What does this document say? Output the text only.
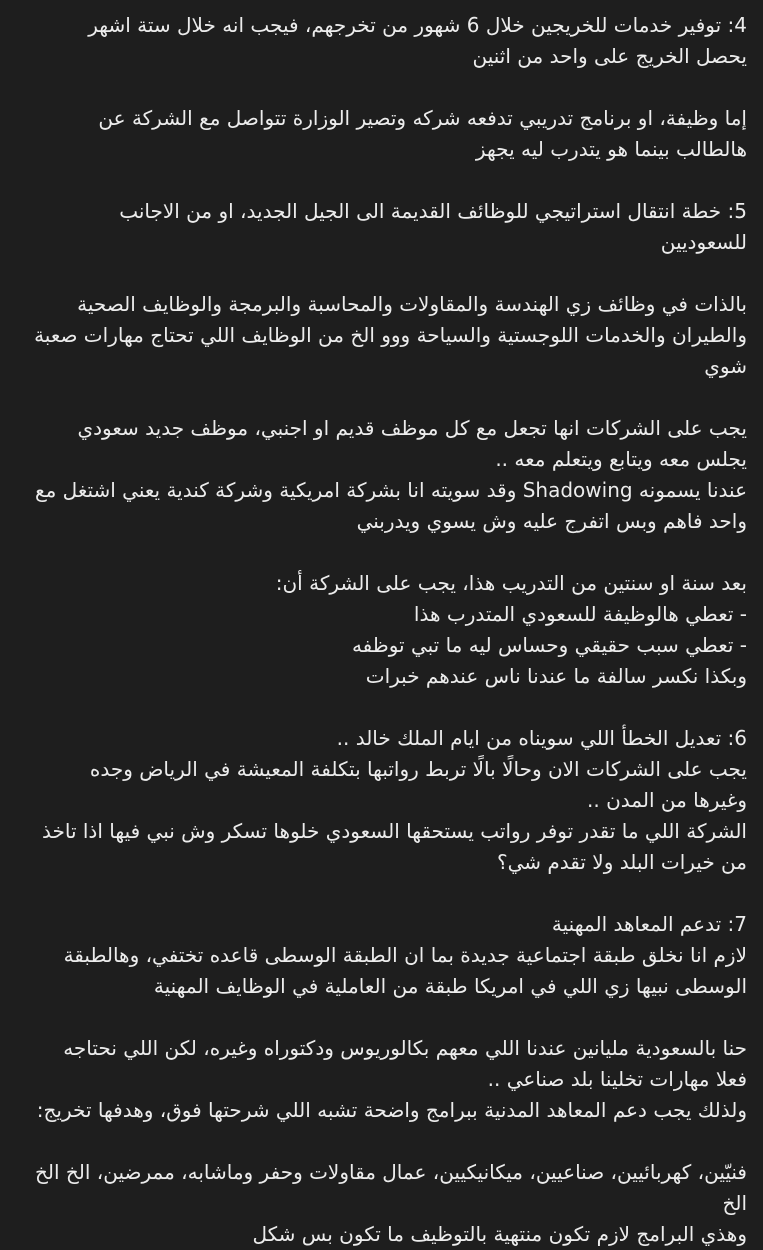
4: توفير خدمات للخريجين خلال 6 شهور من تخرجهم، فيجب انه خلال ستة اشهر يحصل الخريج على واحد من اثنين
إما وظيفة، او برنامج تدريبي تدفعه شركه وتصير الوزارة تتواصل مع الشركة عن هالطالب بينما هو يتدرب ليه يجهز
5: خطة انتقال استراتيجي للوظائف القديمة الى الجيل الجديد، او من الاجانب للسعوديين
بالذات في وظائف زي الهندسة والمقاولات والمحاسبة والبرمجة والوظايف الصحية والطيران والخدمات اللوجستية والسياحة ووو الخ من الوظايف اللي تحتاج مهارات صعبة شوي
يجب على الشركات انها تجعل مع كل موظف قديم او اجنبي، موظف جديد سعودي يجلس معه ويتابع ويتعلم معه ..
عندنا يسمونه Shadowing وقد سويته انا بشركة امريكية وشركة كندية يعني اشتغل مع واحد فاهم وبس اتفرج عليه وش يسوي ويدربني
بعد سنة او سنتين من التدريب هذا، يجب على الشركة أن:
- تعطي هالوظيفة للسعودي المتدرب هذا
- تعطي سبب حقيقي وحساس ليه ما تبي توظفه
وبكذا نكسر سالفة ما عندنا ناس عندهم خبرات
6: تعديل الخطأ اللي سويناه من ايام الملك خالد ..
يجب على الشركات الان وحالًا بالًا تربط رواتبها بتكلفة المعيشة في الرياض وجده وغيرها من المدن ..
الشركة اللي ما تقدر توفر رواتب يستحقها السعودي خلوها تسكر وش نبي فيها اذا تاخذ من خيرات البلد ولا تقدم شي؟
7: تدعم المعاهد المهنية
لازم انا نخلق طبقة اجتماعية جديدة بما ان الطبقة الوسطى قاعده تختفي، وهالطبقة الوسطى نبيها زي اللي في امريكا طبقة من العاملية في الوظايف المهنية
حنا بالسعودية مليانين عندنا اللي معهم بكالوريوس ودكتوراه وغيره، لكن اللي نحتاجه فعلا مهارات تخلينا بلد صناعي ..
ولذلك يجب دعم المعاهد المدنية ببرامج واضحة تشبه اللي شرحتها فوق، وهدفها تخريج:
فنيّين، كهربائيين، صناعيين، ميكانيكيين، عمال مقاولات وحفر وماشابه، ممرضين، الخ الخ الخ
وهذي البرامج لازم تكون منتهية بالتوظيف ما تكون بس شكل
